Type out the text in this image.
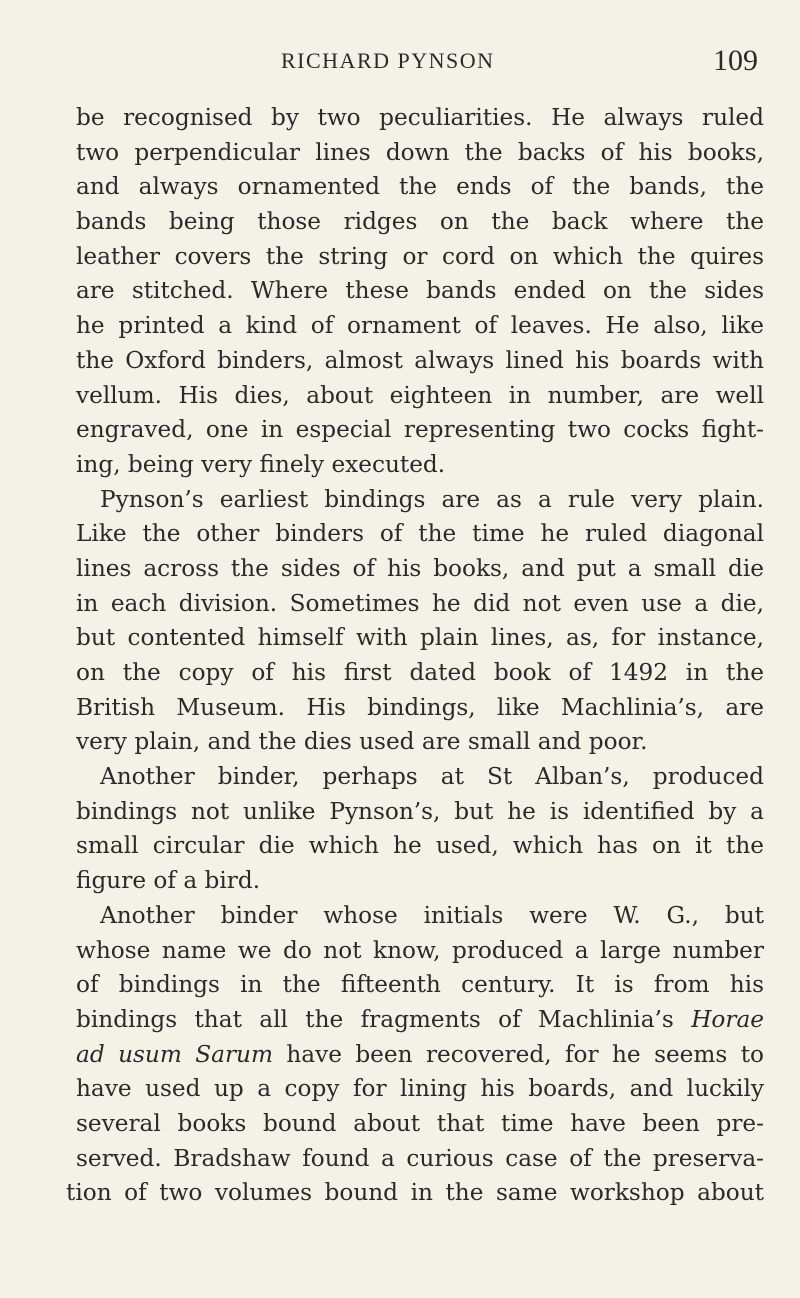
RICHARD PYNSON	109
be recognised by two peculiarities. He always ruled
two perpendicular lines down the backs of his books,
and always ornamented the ends of the bands, the
bands being those ridges on the back where the
leather covers the string or cord on which the quires
are stitched. Where these bands ended on the sides
he printed a kind of ornament of leaves. He also, like
the Oxford binders, almost always lined his boards with
vellum. His dies, about eighteen in number, are well
engraved, one in especial representing two cocks fight-
ing, being very finely executed.
Pynson’s earliest bindings are as a rule very plain.
Like the other binders of the time he ruled diagonal
lines across the sides of his books, and put a small die
in each division. Sometimes he did not even use a die,
but contented himself with plain lines, as, for instance,
on the copy of his first dated book of 1492 in the
British Museum. His bindings, like Machlinia’s, are
very plain, and the dies used are small and poor.
Another binder, perhaps at St Alban’s, produced
bindings not unlike Pynson’s, but he is identified by a
small circular die which he used, which has on it the
figure of a bird.
Another binder whose initials were W. G., but
whose name we do not know, produced a large number
of bindings in the fifteenth century. It is from his
bindings that all the fragments of Machlinia’s Horae
ad usum Sarum have been recovered, for he seems to
have used up a copy for lining his boards, and luckily
several books bound about that time have been pre-
served. Bradshaw found a curious case of the preserva-
tion of two volumes bound in the same workshop about
